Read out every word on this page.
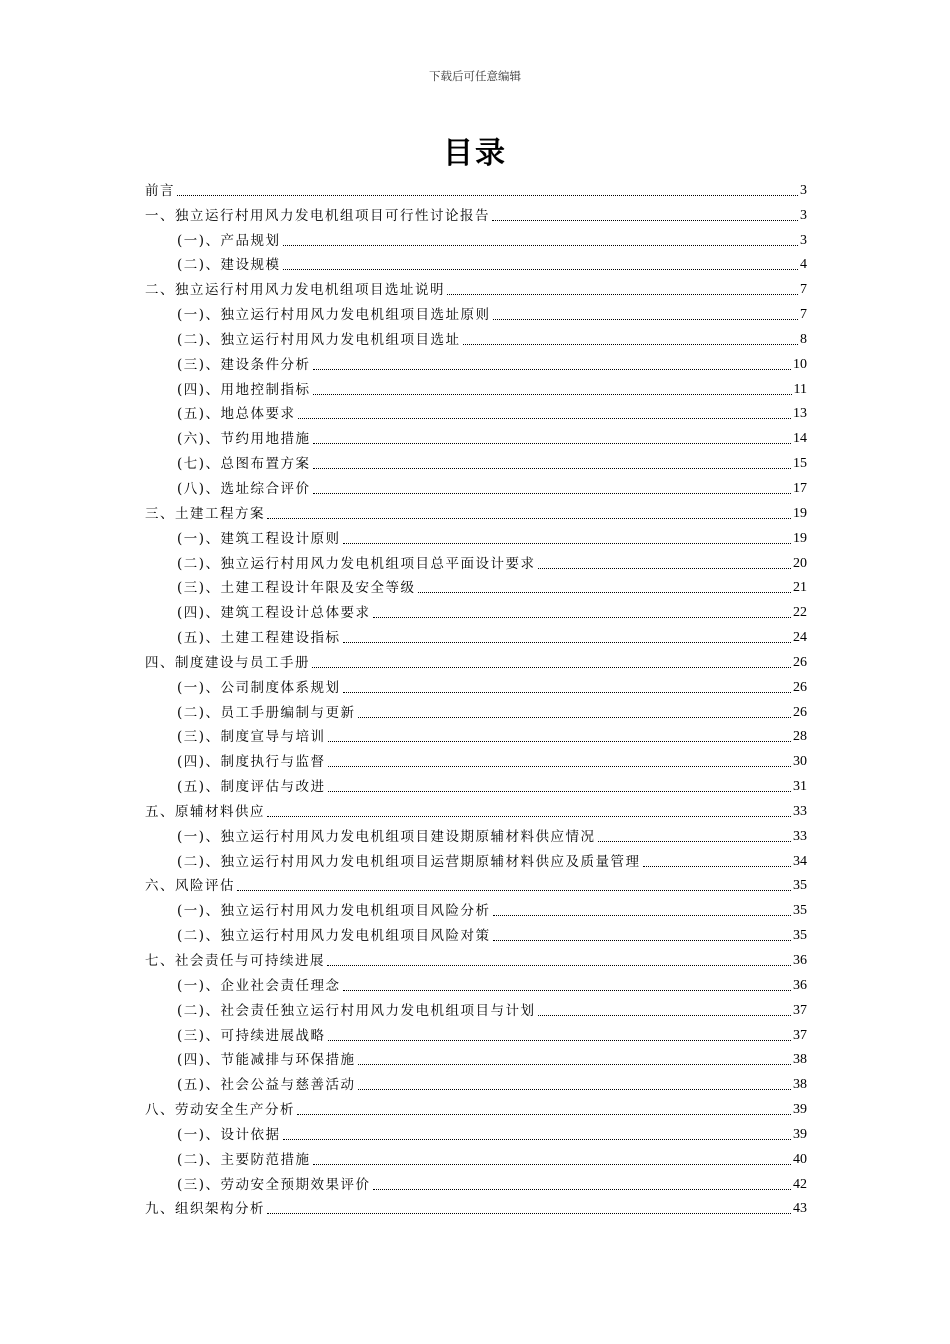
下载后可任意编辑
目录
前言	3
一、独立运行村用风力发电机组项目可行性讨论报告	3
(一)、产品规划	3
(二)、建设规模	4
二、独立运行村用风力发电机组项目选址说明	7
(一)、独立运行村用风力发电机组项目选址原则	7
(二)、独立运行村用风力发电机组项目选址	8
(三)、建设条件分析	10
(四)、用地控制指标	11
(五)、地总体要求	13
(六)、节约用地措施	14
(七)、总图布置方案	15
(八)、选址综合评价	17
三、土建工程方案	19
(一)、建筑工程设计原则	19
(二)、独立运行村用风力发电机组项目总平面设计要求	20
(三)、土建工程设计年限及安全等级	21
(四)、建筑工程设计总体要求	22
(五)、土建工程建设指标	24
四、制度建设与员工手册	26
(一)、公司制度体系规划	26
(二)、员工手册编制与更新	26
(三)、制度宣导与培训	28
(四)、制度执行与监督	30
(五)、制度评估与改进	31
五、原辅材料供应	33
(一)、独立运行村用风力发电机组项目建设期原辅材料供应情况	33
(二)、独立运行村用风力发电机组项目运营期原辅材料供应及质量管理	34
六、风险评估	35
(一)、独立运行村用风力发电机组项目风险分析	35
(二)、独立运行村用风力发电机组项目风险对策	35
七、社会责任与可持续进展	36
(一)、企业社会责任理念	36
(二)、社会责任独立运行村用风力发电机组项目与计划	37
(三)、可持续进展战略	37
(四)、节能减排与环保措施	38
(五)、社会公益与慈善活动	38
八、劳动安全生产分析	39
(一)、设计依据	39
(二)、主要防范措施	40
(三)、劳动安全预期效果评价	42
九、组织架构分析	43
